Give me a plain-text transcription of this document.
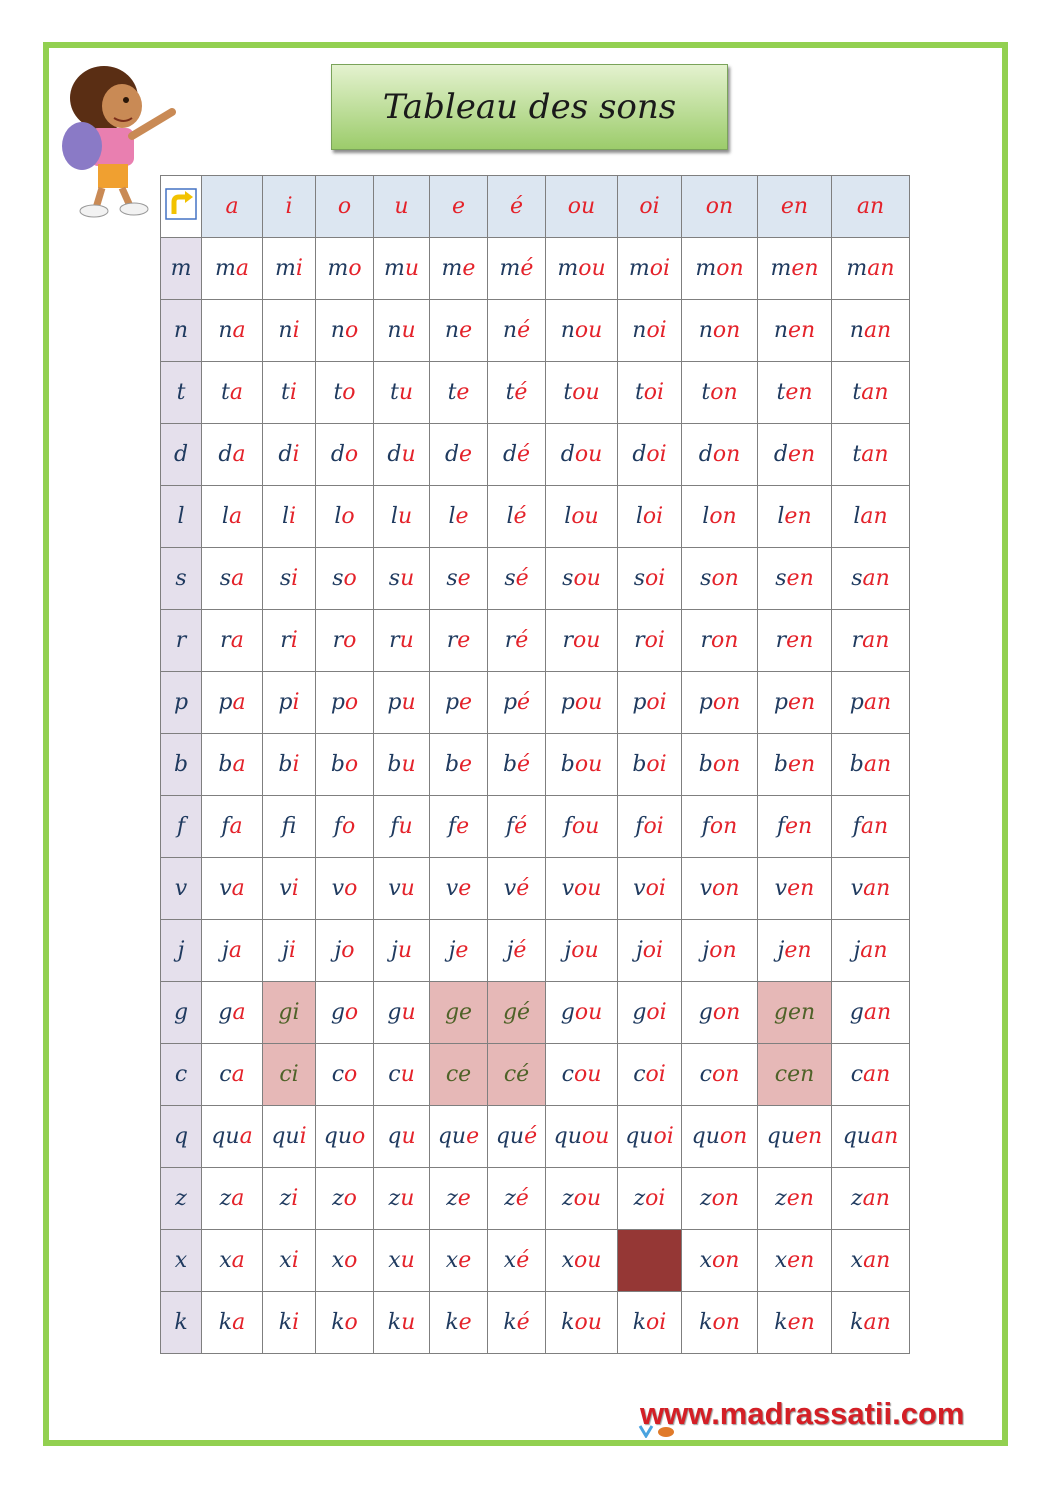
Tableau des sons
	a	i	o	u	e	é	ou	oi	on	en	an
m	ma	mi	mo	mu	me	mé	mou	moi	mon	men	man
n	na	ni	no	nu	ne	né	nou	noi	non	nen	nan
t	ta	ti	to	tu	te	té	tou	toi	ton	ten	tan
d	da	di	do	du	de	dé	dou	doi	don	den	tan
l	la	li	lo	lu	le	lé	lou	loi	lon	len	lan
s	sa	si	so	su	se	sé	sou	soi	son	sen	san
r	ra	ri	ro	ru	re	ré	rou	roi	ron	ren	ran
p	pa	pi	po	pu	pe	pé	pou	poi	pon	pen	pan
b	ba	bi	bo	bu	be	bé	bou	boi	bon	ben	ban
f	fa	f	fo	fu	fe	fé	fou	foi	fon	fen	fan
v	va	vi	vo	vu	ve	vé	vou	voi	von	ven	van
j	ja	ji	jo	ju	je	jé	jou	joi	jon	jen	jan
g	ga	gi	go	gu	ge	gé	gou	goi	gon	gen	gan
c	ca	ci	co	cu	ce	cé	cou	coi	con	cen	can
q	qua	qui	quo	qu	que	qué	quou	quoi	quon	quen	quan
z	za	zi	zo	zu	ze	zé	zou	zoi	zon	zen	zan
x	xa	xi	xo	xu	xe	xé	xou		xon	xen	xan
k	ka	ki	ko	ku	ke	ké	kou	koi	kon	ken	kan
www.madrassatii.com
